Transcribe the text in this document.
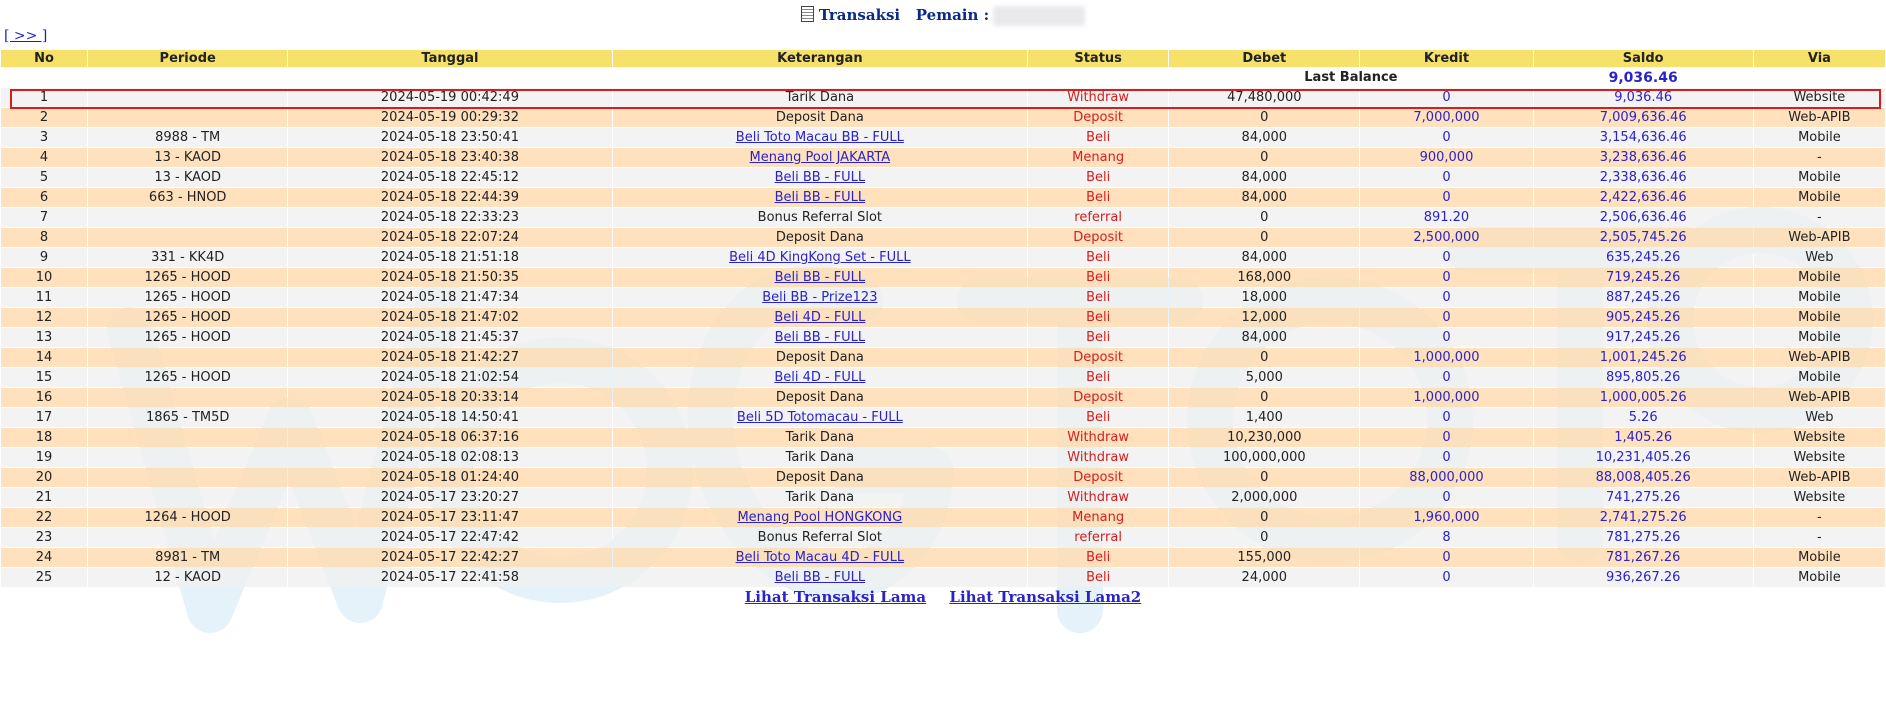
Transaksi Pemain :
[ >> ]
No	Periode	Tanggal	Keterangan	Status	Debet	Kredit	Saldo	Via
					Last Balance		9,036.46	
1		2024-05-19 00:42:49	Tarik Dana	Withdraw	47,480,000	0	9,036.46	Website
2		2024-05-19 00:29:32	Deposit Dana	Deposit	0	7,000,000	7,009,636.46	Web-APIB
3	8988 - TM	2024-05-18 23:50:41	Beli Toto Macau BB - FULL	Beli	84,000	0	3,154,636.46	Mobile
4	13 - KAOD	2024-05-18 23:40:38	Menang Pool JAKARTA	Menang	0	900,000	3,238,636.46	-
5	13 - KAOD	2024-05-18 22:45:12	Beli BB - FULL	Beli	84,000	0	2,338,636.46	Mobile
6	663 - HNOD	2024-05-18 22:44:39	Beli BB - FULL	Beli	84,000	0	2,422,636.46	Mobile
7		2024-05-18 22:33:23	Bonus Referral Slot	referral	0	891.20	2,506,636.46	-
8		2024-05-18 22:07:24	Deposit Dana	Deposit	0	2,500,000	2,505,745.26	Web-APIB
9	331 - KK4D	2024-05-18 21:51:18	Beli 4D KingKong Set - FULL	Beli	84,000	0	635,245.26	Web
10	1265 - HOOD	2024-05-18 21:50:35	Beli BB - FULL	Beli	168,000	0	719,245.26	Mobile
11	1265 - HOOD	2024-05-18 21:47:34	Beli BB - Prize123	Beli	18,000	0	887,245.26	Mobile
12	1265 - HOOD	2024-05-18 21:47:02	Beli 4D - FULL	Beli	12,000	0	905,245.26	Mobile
13	1265 - HOOD	2024-05-18 21:45:37	Beli BB - FULL	Beli	84,000	0	917,245.26	Mobile
14		2024-05-18 21:42:27	Deposit Dana	Deposit	0	1,000,000	1,001,245.26	Web-APIB
15	1265 - HOOD	2024-05-18 21:02:54	Beli 4D - FULL	Beli	5,000	0	895,805.26	Mobile
16		2024-05-18 20:33:14	Deposit Dana	Deposit	0	1,000,000	1,000,005.26	Web-APIB
17	1865 - TM5D	2024-05-18 14:50:41	Beli 5D Totomacau - FULL	Beli	1,400	0	5.26	Web
18		2024-05-18 06:37:16	Tarik Dana	Withdraw	10,230,000	0	1,405.26	Website
19		2024-05-18 02:08:13	Tarik Dana	Withdraw	100,000,000	0	10,231,405.26	Website
20		2024-05-18 01:24:40	Deposit Dana	Deposit	0	88,000,000	88,008,405.26	Web-APIB
21		2024-05-17 23:20:27	Tarik Dana	Withdraw	2,000,000	0	741,275.26	Website
22	1264 - HOOD	2024-05-17 23:11:47	Menang Pool HONGKONG	Menang	0	1,960,000	2,741,275.26	-
23		2024-05-17 22:47:42	Bonus Referral Slot	referral	0	8	781,275.26	-
24	8981 - TM	2024-05-17 22:42:27	Beli Toto Macau 4D - FULL	Beli	155,000	0	781,267.26	Mobile
25	12 - KAOD	2024-05-17 22:41:58	Beli BB - FULL	Beli	24,000	0	936,267.26	Mobile
Lihat Transaksi Lama Lihat Transaksi Lama2
